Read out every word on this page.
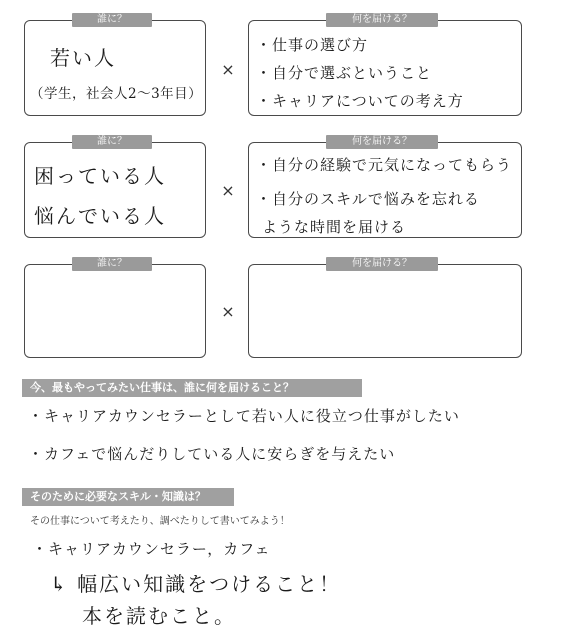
誰に？
若い人
（学生，社会人2～3年目）
×
何を届ける？
・仕事の選び方
・自分で選ぶということ
・キャリアについての考え方
誰に？
困っている人
悩んでいる人
×
何を届ける？
・自分の経験で元気になってもらう
・自分のスキルで悩みを忘れる
ような時間を届ける
誰に？
×
何を届ける？
今、最もやってみたい仕事は、誰に何を届けること？
・キャリアカウンセラーとして若い人に役立つ仕事がしたい
・カフェで悩んだりしている人に安らぎを与えたい
そのために必要なスキル・知識は？
その仕事について考えたり、調べたりして書いてみよう！
・キャリアカウンセラー，カフェ
↳ 幅広い知識をつけること！
本を読むこと。
